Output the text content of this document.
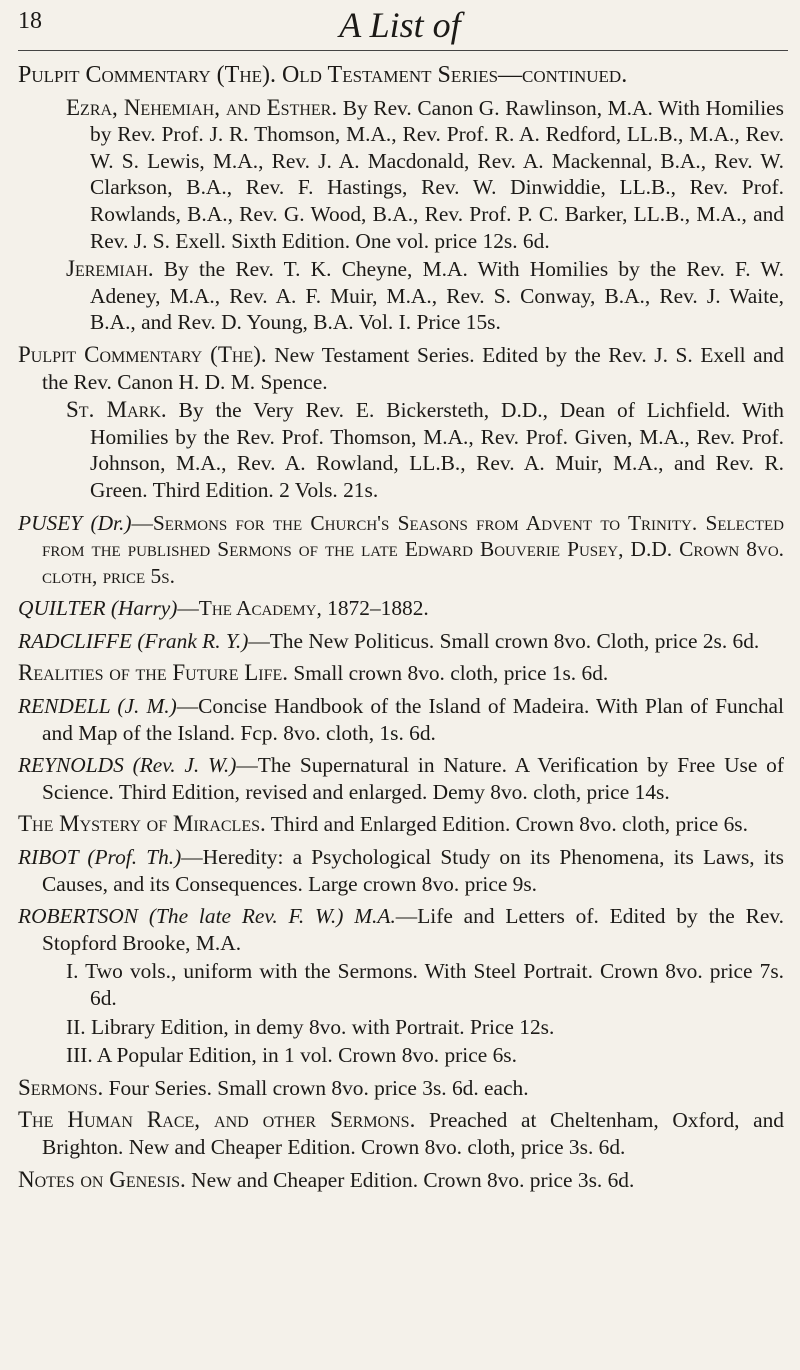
18	A List of
Pulpit Commentary (The). Old Testament Series—continued.
Ezra, Nehemiah, and Esther. By Rev. Canon G. Rawlinson, M.A. With Homilies by Rev. Prof. J. R. Thomson, M.A., Rev. Prof. R. A. Redford, LL.B., M.A., Rev. W. S. Lewis, M.A., Rev. J. A. Macdonald, Rev. A. Mackennal, B.A., Rev. W. Clarkson, B.A., Rev. F. Hastings, Rev. W. Dinwiddie, LL.B., Rev. Prof. Rowlands, B.A., Rev. G. Wood, B.A., Rev. Prof. P. C. Barker, LL.B., M.A., and Rev. J. S. Exell. Sixth Edition. One vol. price 12s. 6d.
Jeremiah. By the Rev. T. K. Cheyne, M.A. With Homilies by the Rev. F. W. Adeney, M.A., Rev. A. F. Muir, M.A., Rev. S. Conway, B.A., Rev. J. Waite, B.A., and Rev. D. Young, B.A. Vol. I. Price 15s.
Pulpit Commentary (The). New Testament Series. Edited by the Rev. J. S. Exell and the Rev. Canon H. D. M. Spence.
St. Mark. By the Very Rev. E. Bickersteth, D.D., Dean of Lichfield. With Homilies by the Rev. Prof. Thomson, M.A., Rev. Prof. Given, M.A., Rev. Prof. Johnson, M.A., Rev. A. Rowland, LL.B., Rev. A. Muir, M.A., and Rev. R. Green. Third Edition. 2 Vols. 21s.
PUSEY (Dr.)—Sermons for the Church's Seasons from Advent to Trinity. Selected from the published Sermons of the late Edward Bouverie Pusey, D.D. Crown 8vo. cloth, price 5s.
QUILTER (Harry)—The Academy, 1872–1882.
RADCLIFFE (Frank R. Y.)—The New Politicus. Small crown 8vo. Cloth, price 2s. 6d.
Realities of the Future Life. Small crown 8vo. cloth, price 1s. 6d.
RENDELL (J. M.)—Concise Handbook of the Island of Madeira. With Plan of Funchal and Map of the Island. Fcp. 8vo. cloth, 1s. 6d.
REYNOLDS (Rev. J. W.)—The Supernatural in Nature. A Verification by Free Use of Science. Third Edition, revised and enlarged. Demy 8vo. cloth, price 14s.
The Mystery of Miracles. Third and Enlarged Edition. Crown 8vo. cloth, price 6s.
RIBOT (Prof. Th.)—Heredity: a Psychological Study on its Phenomena, its Laws, its Causes, and its Consequences. Large crown 8vo. price 9s.
ROBERTSON (The late Rev. F. W.) M.A.—Life and Letters of. Edited by the Rev. Stopford Brooke, M.A.
I. Two vols., uniform with the Sermons. With Steel Portrait. Crown 8vo. price 7s. 6d.
II. Library Edition, in demy 8vo. with Portrait. Price 12s.
III. A Popular Edition, in 1 vol. Crown 8vo. price 6s.
Sermons. Four Series. Small crown 8vo. price 3s. 6d. each.
The Human Race, and other Sermons. Preached at Cheltenham, Oxford, and Brighton. New and Cheaper Edition. Crown 8vo. cloth, price 3s. 6d.
Notes on Genesis. New and Cheaper Edition. Crown 8vo. price 3s. 6d.
